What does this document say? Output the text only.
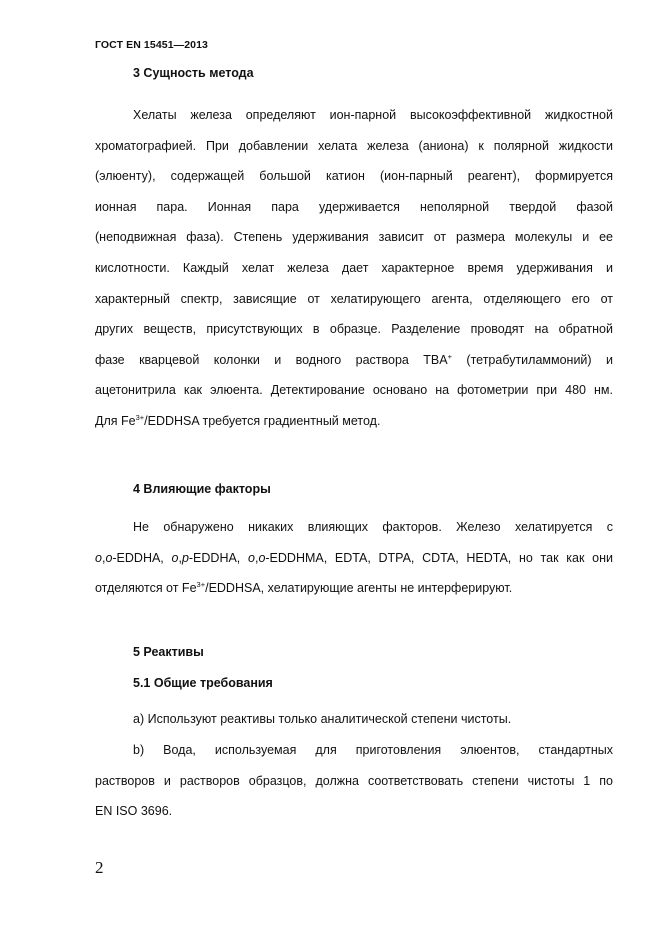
ГОСТ EN 15451—2013
3 Сущность метода
Хелаты железа определяют ион-парной высокоэффективной жидкостной
хроматографией. При добавлении хелата железа (аниона) к полярной жидкости
(элюенту), содержащей большой катион (ион-парный реагент), формируется
ионная пара. Ионная пара удерживается неполярной твердой фазой
(неподвижная фаза). Степень удерживания зависит от размера молекулы и ее
кислотности. Каждый хелат железа дает характерное время удерживания и
характерный спектр, зависящие от хелатирующего агента, отделяющего его от
других веществ, присутствующих в образце. Разделение проводят на обратной
фазе кварцевой колонки и водного раствора TBA+ (тетрабутиламмоний) и
ацетонитрила как элюента. Детектирование основано на фотометрии при 480 нм.
Для $Fe^{3+}$/EDDHSA требуется градиентный метод.
4 Влияющие факторы
Не обнаружено никаких влияющих факторов. Железо хелатируется с
o,o-EDDHA, o,p-EDDHA, o,o-EDDHMA, EDTA, DTPA, CDTA, HEDTA, но так как они
отделяются от $Fe^{3+}$/EDDHSA, хелатирующие агенты не интерферируют.
5 Реактивы
5.1 Общие требования
а) Используют реактивы только аналитической степени чистоты.
b) Вода, используемая для приготовления элюентов, стандартных
растворов и растворов образцов, должна соответствовать степени чистоты 1 по
EN ISO 3696.
2
